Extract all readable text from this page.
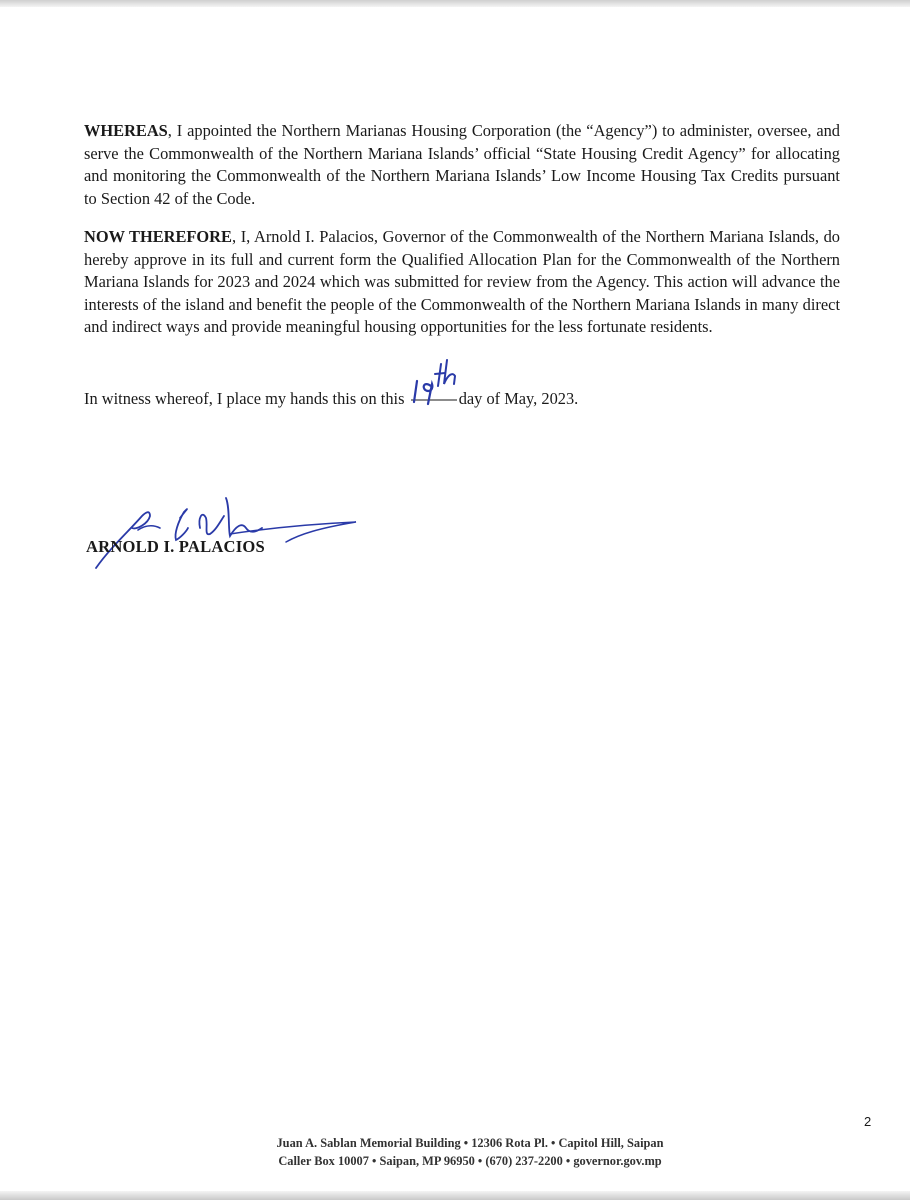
WHEREAS, I appointed the Northern Marianas Housing Corporation (the “Agency”) to administer, oversee, and serve the Commonwealth of the Northern Mariana Islands’ official “State Housing Credit Agency” for allocating and monitoring the Commonwealth of the Northern Mariana Islands’ Low Income Housing Tax Credits pursuant to Section 42 of the Code.

NOW THEREFORE, I, Arnold I. Palacios, Governor of the Commonwealth of the Northern Mariana Islands, do hereby approve in its full and current form the Qualified Allocation Plan for the Commonwealth of the Northern Mariana Islands for 2023 and 2024 which was submitted for review from the Agency. This action will advance the interests of the island and benefit the people of the Commonwealth of the Northern Mariana Islands in many direct and indirect ways and provide meaningful housing opportunities for the less fortunate residents.

In witness whereof, I place my hands this on this	day of May, 2023.

ARNOLD I. PALACIOS

2

Juan A. Sablan Memorial Building • 12306 Rota Pl. • Capitol Hill, Saipan

Caller Box 10007 • Saipan, MP 96950 • (670) 237-2200 • governor.gov.mp
